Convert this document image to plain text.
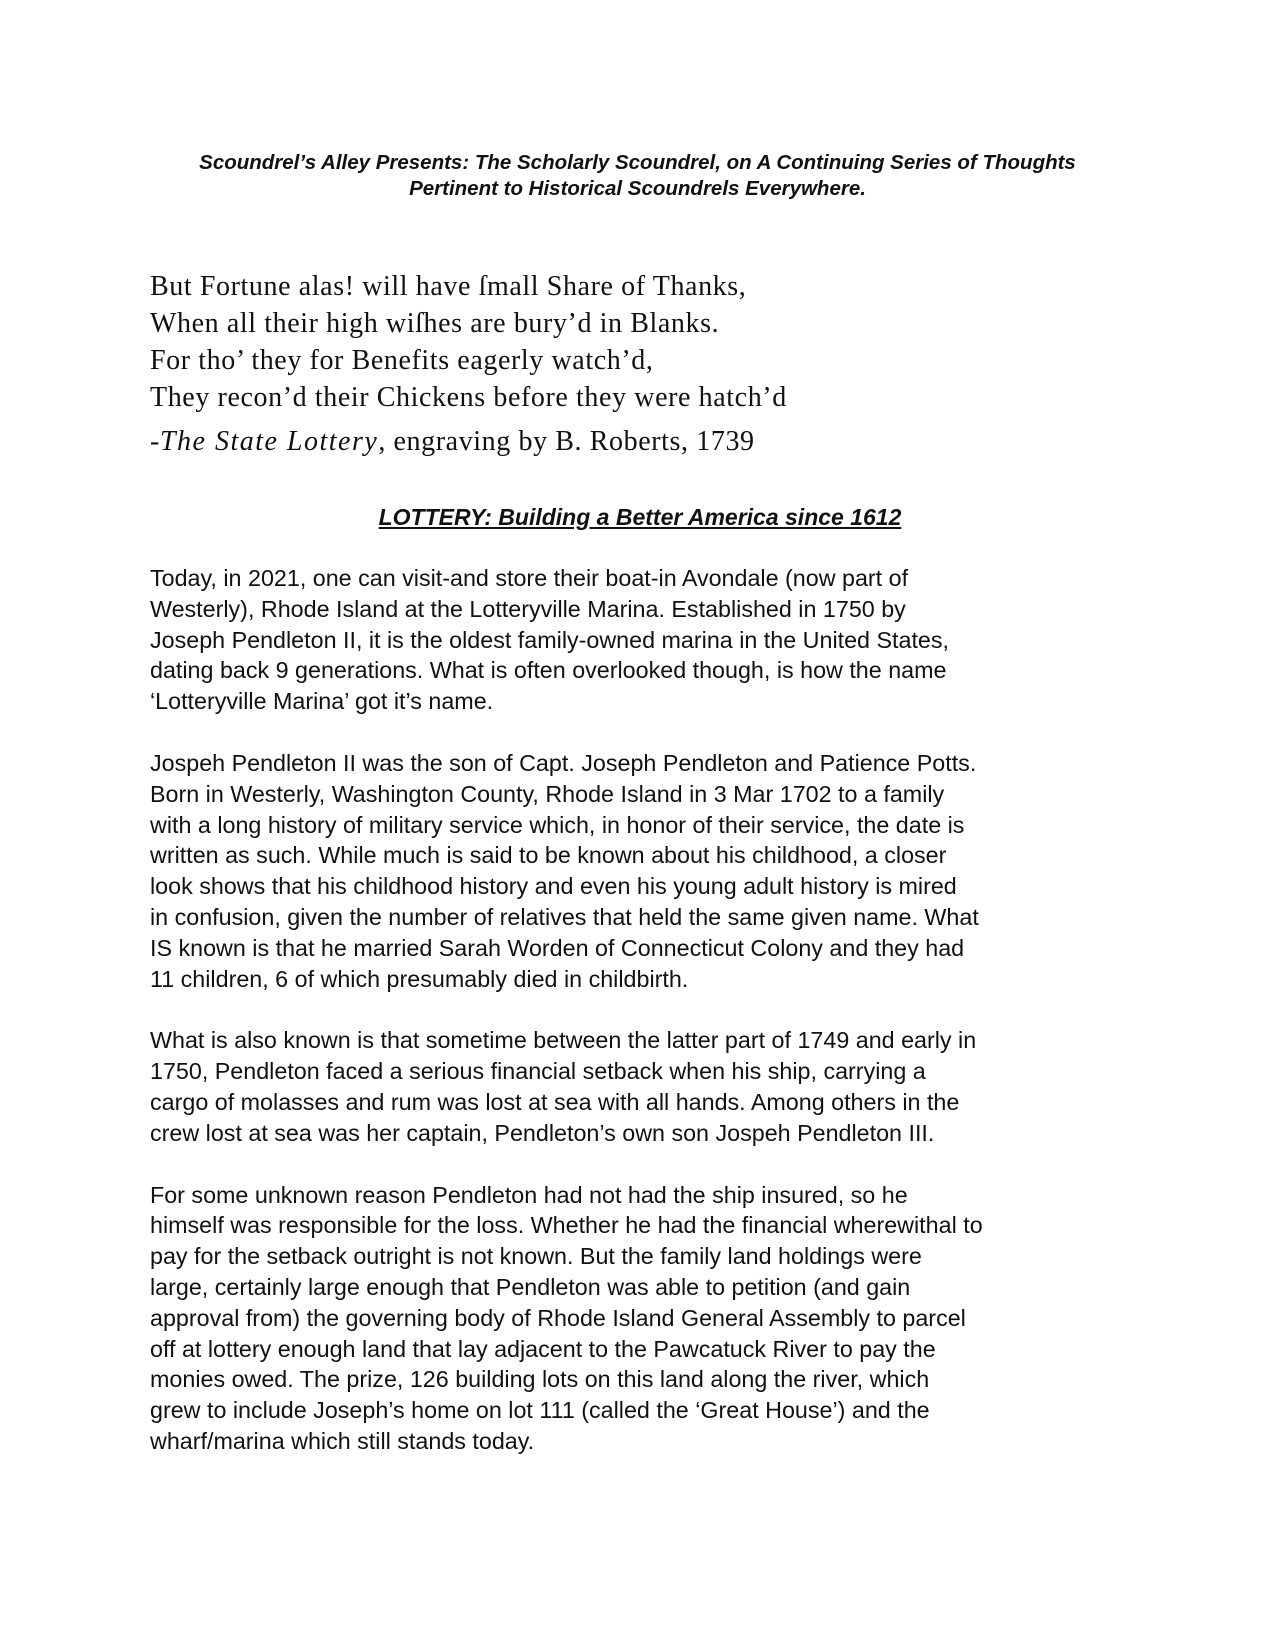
Scoundrel’s Alley Presents: The Scholarly Scoundrel, on A Continuing Series of Thoughts
Pertinent to Historical Scoundrels Everywhere.
But Fortune alas! will have ſmall Share of Thanks,
When all their high wiſhes are bury’d in Blanks.
For tho’ they for Benefits eagerly watch’d,
They recon’d their Chickens before they were hatch’d
-The State Lottery, engraving by B. Roberts, 1739
LOTTERY: Building a Better America since 1612

Today, in 2021, one can visit-and store their boat-in Avondale (now part of
Westerly), Rhode Island at the Lotteryville Marina. Established in 1750 by
Joseph Pendleton II, it is the oldest family-owned marina in the United States,
dating back 9 generations. What is often overlooked though, is how the name
‘Lotteryville Marina’ got it’s name.

Jospeh Pendleton II was the son of Capt. Joseph Pendleton and Patience Potts.
Born in Westerly, Washington County, Rhode Island in 3 Mar 1702 to a family
with a long history of military service which, in honor of their service, the date is
written as such. While much is said to be known about his childhood, a closer
look shows that his childhood history and even his young adult history is mired
in confusion, given the number of relatives that held the same given name. What
IS known is that he married Sarah Worden of Connecticut Colony and they had
11 children, 6 of which presumably died in childbirth.

What is also known is that sometime between the latter part of 1749 and early in
1750, Pendleton faced a serious financial setback when his ship, carrying a
cargo of molasses and rum was lost at sea with all hands. Among others in the
crew lost at sea was her captain, Pendleton’s own son Jospeh Pendleton III.

For some unknown reason Pendleton had not had the ship insured, so he
himself was responsible for the loss. Whether he had the financial wherewithal to
pay for the setback outright is not known. But the family land holdings were
large, certainly large enough that Pendleton was able to petition (and gain
approval from) the governing body of Rhode Island General Assembly to parcel
off at lottery enough land that lay adjacent to the Pawcatuck River to pay the
monies owed. The prize, 126 building lots on this land along the river, which
grew to include Joseph’s home on lot 111 (called the ‘Great House’) and the
wharf/marina which still stands today.
